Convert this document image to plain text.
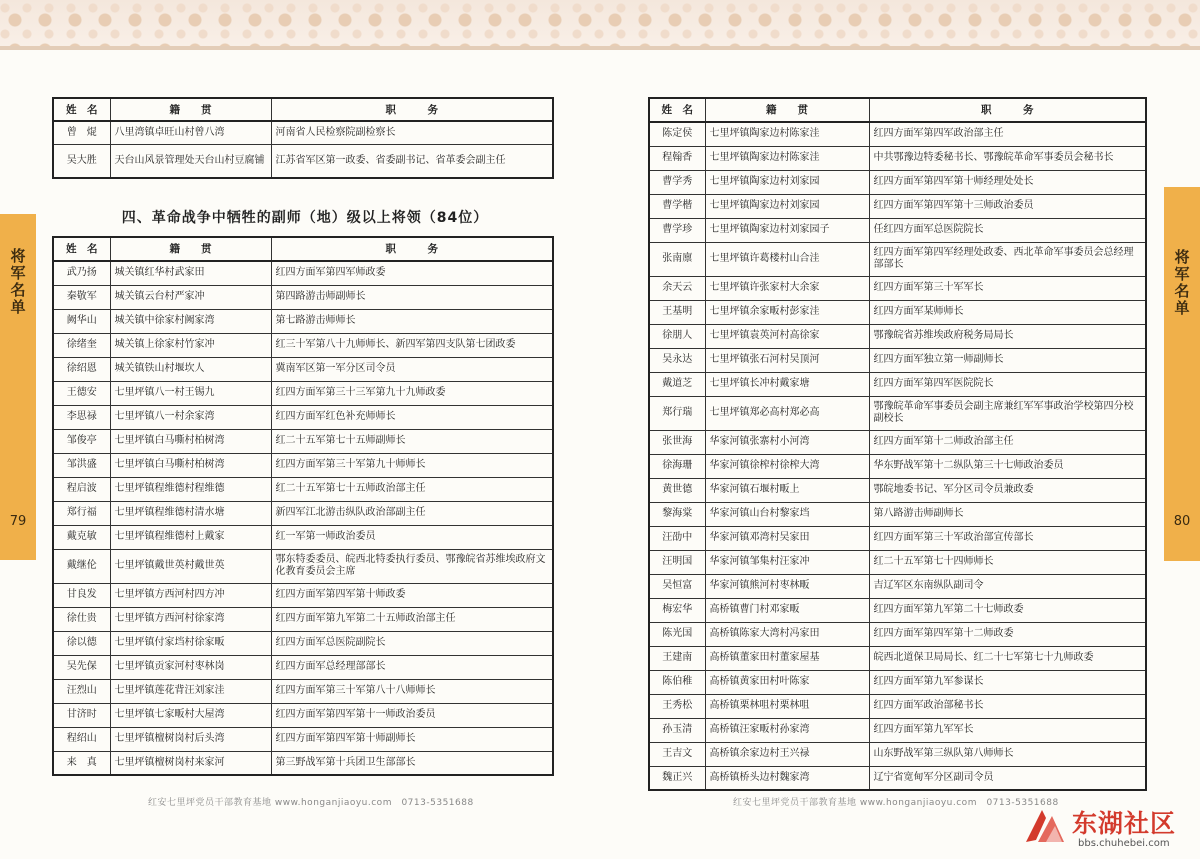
将
军
名
单
79
将
军
名
单
80
姓　名	籍　　贯	职　　　务
曾　焜	八里湾镇卓旺山村曾八湾	河南省人民检察院副检察长
吴大胜	天台山风景管理处天台山村豆腐铺	江苏省军区第一政委、省委副书记、省革委会副主任
四、革命战争中牺牲的副师（地）级以上将领（84位）
姓　名	籍　　贯	职　　　务
武乃扬	城关镇红华村武家田	红四方面军第四军师政委
秦敬军	城关镇云台村严家冲	第四路游击师副师长
阙华山	城关镇中徐家村阙家湾	第七路游击师师长
徐绪奎	城关镇上徐家村竹家冲	红三十军第八十九师师长、新四军第四支队第七团政委
徐绍恩	城关镇铁山村堰坎人	冀南军区第一军分区司令员
王德安	七里坪镇八一村王锡九	红四方面军第三十三军第九十九师政委
李思禄	七里坪镇八一村余家湾	红四方面军红色补充师师长
邹俊亭	七里坪镇白马嘶村柏树湾	红二十五军第七十五师副师长
邹洪盛	七里坪镇白马嘶村柏树湾	红四方面军第三十军第九十师师长
程启波	七里坪镇程维德村程维德	红二十五军第七十五师政治部主任
郑行福	七里坪镇程维德村清水塘	新四军江北游击纵队政治部副主任
戴克敏	七里坪镇程维德村上戴家	红一军第一师政治委员
戴继伦	七里坪镇戴世英村戴世英	鄂东特委委员、皖西北特委执行委员、鄂豫皖省苏维埃政府文化教育委员会主席
甘良发	七里坪镇方西河村四方冲	红四方面军第四军第十师政委
徐仕贵	七里坪镇方西河村徐家湾	红四方面军第九军第二十五师政治部主任
徐以德	七里坪镇付家垱村徐家畈	红四方面军总医院副院长
吴先保	七里坪镇贡家河村枣林岗	红四方面军总经理部部长
汪烈山	七里坪镇莲花背汪刘家洼	红四方面军第三十军第八十八师师长
甘济时	七里坪镇七家畈村大屋湾	红四方面军第四军第十一师政治委员
程绍山	七里坪镇檀树岗村后头湾	红四方面军第四军第十师副师长
来　真	七里坪镇檀树岗村来家河	第三野战军第十兵团卫生部部长
姓　名	籍　　贯	职　　　务
陈定侯	七里坪镇陶家边村陈家洼	红四方面军第四军政治部主任
程翰香	七里坪镇陶家边村陈家洼	中共鄂豫边特委秘书长、鄂豫皖革命军事委员会秘书长
曹学秀	七里坪镇陶家边村刘家园	红四方面军第四军第十师经理处处长
曹学楷	七里坪镇陶家边村刘家园	红四方面军第四军第十三师政治委员
曹学珍	七里坪镇陶家边村刘家园子	任红四方面军总医院院长
张南廪	七里坪镇许葛楼村山合洼	红四方面军第四军经理处政委、西北革命军事委员会总经理部部长
余天云	七里坪镇许张家村大余家	红四方面军第三十军军长
王基明	七里坪镇余家畈村彭家洼	红四方面军某师师长
徐朋人	七里坪镇袁英河村高徐家	鄂豫皖省苏维埃政府税务局局长
吴永达	七里坪镇张石河村吴顶河	红四方面军独立第一师副师长
戴道芝	七里坪镇长冲村戴家塘	红四方面军第四军医院院长
郑行瑞	七里坪镇郑必高村郑必高	鄂豫皖革命军事委员会副主席兼红军军事政治学校第四分校副校长
张世海	华家河镇张寨村小河湾	红四方面军第十二师政治部主任
徐海珊	华家河镇徐榨村徐榨大湾	华东野战军第十二纵队第三十七师政治委员
黄世德	华家河镇石堰村畈上	鄂皖地委书记、军分区司令员兼政委
黎海棠	华家河镇山台村黎家垱	第八路游击师副师长
汪劭中	华家河镇邓湾村吴家田	红四方面军第三十军政治部宣传部长
汪明国	华家河镇邹集村汪家冲	红二十五军第七十四师师长
吴恒富	华家河镇熊河村枣林畈	吉辽军区东南纵队副司令
梅宏华	高桥镇曹门村邓家畈	红四方面军第九军第二十七师政委
陈光国	高桥镇陈家大湾村冯家田	红四方面军第四军第十二师政委
王建南	高桥镇董家田村董家屋基	皖西北道保卫局局长、红二十七军第七十九师政委
陈伯稚	高桥镇黄家田村叶陈家	红四方面军第九军参谋长
王秀松	高桥镇栗林咀村栗林咀	红四方面军政治部秘书长
孙玉清	高桥镇汪家畈村孙家湾	红四方面军第九军军长
王吉文	高桥镇余家边村王兴禄	山东野战军第三纵队第八师师长
魏正兴	高桥镇桥头边村魏家湾	辽宁省宽甸军分区副司令员
红安七里坪党员干部教育基地 www.honganjiaoyu.com　0713-5351688	红安七里坪党员干部教育基地 www.honganjiaoyu.com　0713-5351688
东湖社区
bbs.chuhebei.com
